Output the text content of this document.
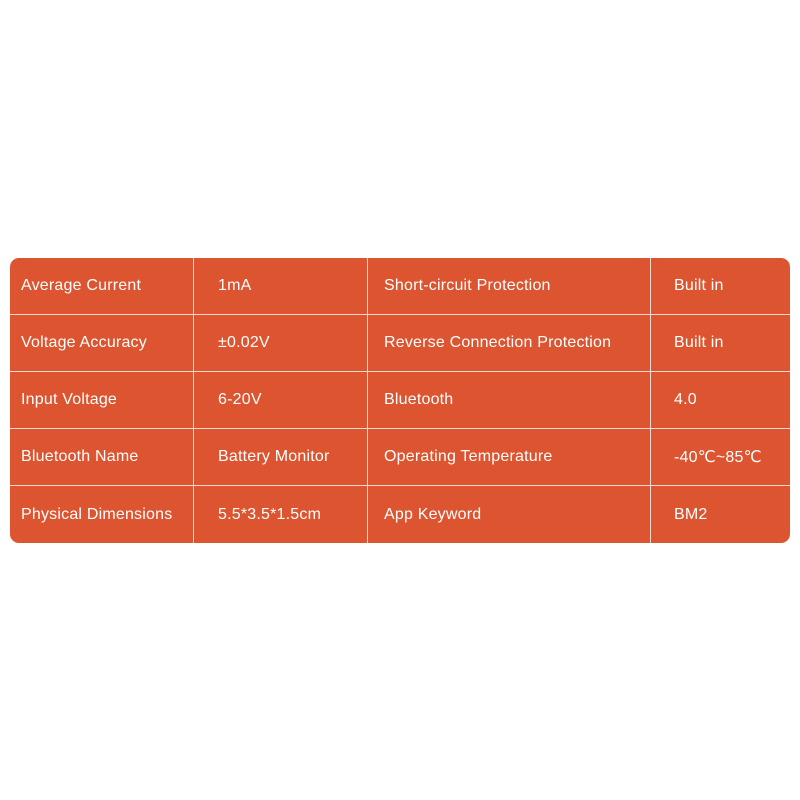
Average Current	1mA	Short-circuit Protection	Built in
Voltage Accuracy	±0.02V	Reverse Connection Protection	Built in
Input Voltage	6-20V	Bluetooth	4.0
Bluetooth Name	Battery Monitor	Operating Temperature	-40℃~85℃
Physical Dimensions	5.5*3.5*1.5cm	App Keyword	BM2
